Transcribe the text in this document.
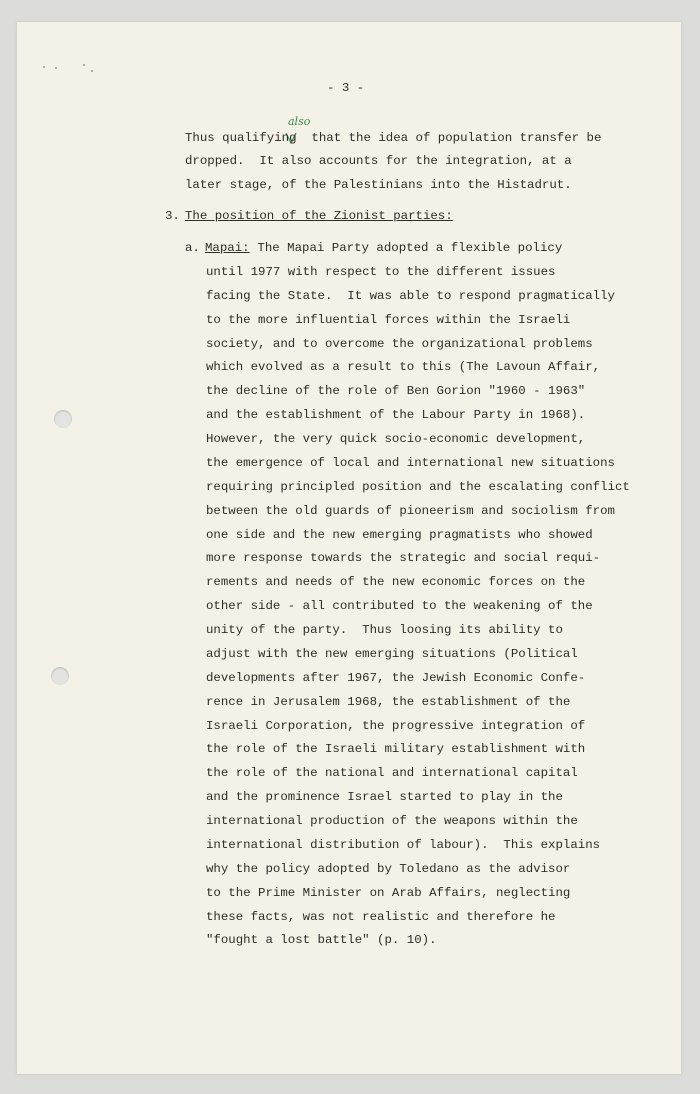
- 3 -
also
Thus qualifying  that the idea of population transfer be
dropped.  It also accounts for the integration, at a
later stage, of the Palestinians into the Histadrut.
3. The position of the Zionist parties:
a. Mapai: The Mapai Party adopted a flexible policy
until 1977 with respect to the different issues
facing the State.  It was able to respond pragmatically
to the more influential forces within the Israeli
society, and to overcome the organizational problems
which evolved as a result to this (The Lavoun Affair,
the decline of the role of Ben Gorion "1960 - 1963"
and the establishment of the Labour Party in 1968).
However, the very quick socio-economic development,
the emergence of local and international new situations
requiring principled position and the escalating conflict
between the old guards of pioneerism and sociolism from
one side and the new emerging pragmatists who showed
more response towards the strategic and social requi-
rements and needs of the new economic forces on the
other side - all contributed to the weakening of the
unity of the party.  Thus loosing its ability to
adjust with the new emerging situations (Political
developments after 1967, the Jewish Economic Confe-
rence in Jerusalem 1968, the establishment of the
Israeli Corporation, the progressive integration of
the role of the Israeli military establishment with
the role of the national and international capital
and the prominence Israel started to play in the
international production of the weapons within the
international distribution of labour).  This explains
why the policy adopted by Toledano as the advisor
to the Prime Minister on Arab Affairs, neglecting
these facts, was not realistic and therefore he
"fought a lost battle" (p. 10).
